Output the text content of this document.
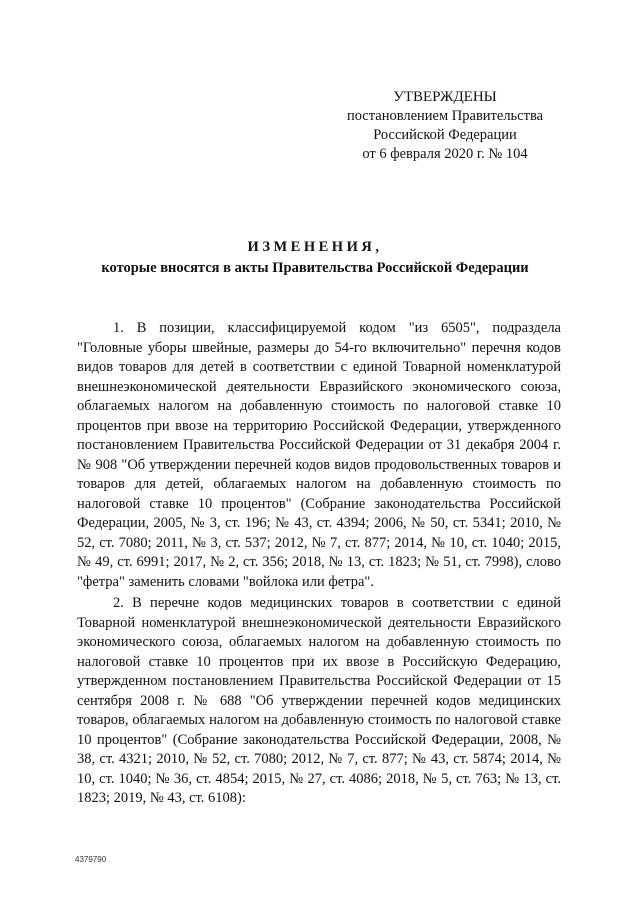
УТВЕРЖДЕНЫ
постановлением Правительства
Российской Федерации
от 6 февраля 2020 г. № 104
ИЗМЕНЕНИЯ,
которые вносятся в акты Правительства Российской Федерации

1. В позиции, классифицируемой кодом "из 6505", подраздела "Головные уборы швейные, размеры до 54-го включительно" перечня кодов видов товаров для детей в соответствии с единой Товарной номенклатурой внешнеэкономической деятельности Евразийского экономического союза, облагаемых налогом на добавленную стоимость по налоговой ставке 10 процентов при ввозе на территорию Российской Федерации, утвержденного постановлением Правительства Российской Федерации от 31 декабря 2004 г. № 908 "Об утверждении перечней кодов видов продовольственных товаров и товаров для детей, облагаемых налогом на добавленную стоимость по налоговой ставке 10 процентов" (Собрание законодательства Российской Федерации, 2005, № 3, ст. 196; № 43, ст. 4394; 2006, № 50, ст. 5341; 2010, № 52, ст. 7080; 2011, № 3, ст. 537; 2012, № 7, ст. 877; 2014, № 10, ст. 1040; 2015, № 49, ст. 6991; 2017, № 2, ст. 356; 2018, № 13, ст. 1823; № 51, ст. 7998), слово "фетра" заменить словами "войлока или фетра".

2. В перечне кодов медицинских товаров в соответствии с единой Товарной номенклатурой внешнеэкономической деятельности Евразийского экономического союза, облагаемых налогом на добавленную стоимость по налоговой ставке 10 процентов при их ввозе в Российскую Федерацию, утвержденном постановлением Правительства Российской Федерации от 15 сентября 2008 г. № 688 "Об утверждении перечней кодов медицинских товаров, облагаемых налогом на добавленную стоимость по налоговой ставке 10 процентов" (Собрание законодательства Российской Федерации, 2008, № 38, ст. 4321; 2010, № 52, ст. 7080; 2012, № 7, ст. 877; № 43, ст. 5874; 2014, № 10, ст. 1040; № 36, ст. 4854; 2015, № 27, ст. 4086; 2018, № 5, ст. 763; № 13, ст. 1823; 2019, № 43, ст. 6108):

4379790
